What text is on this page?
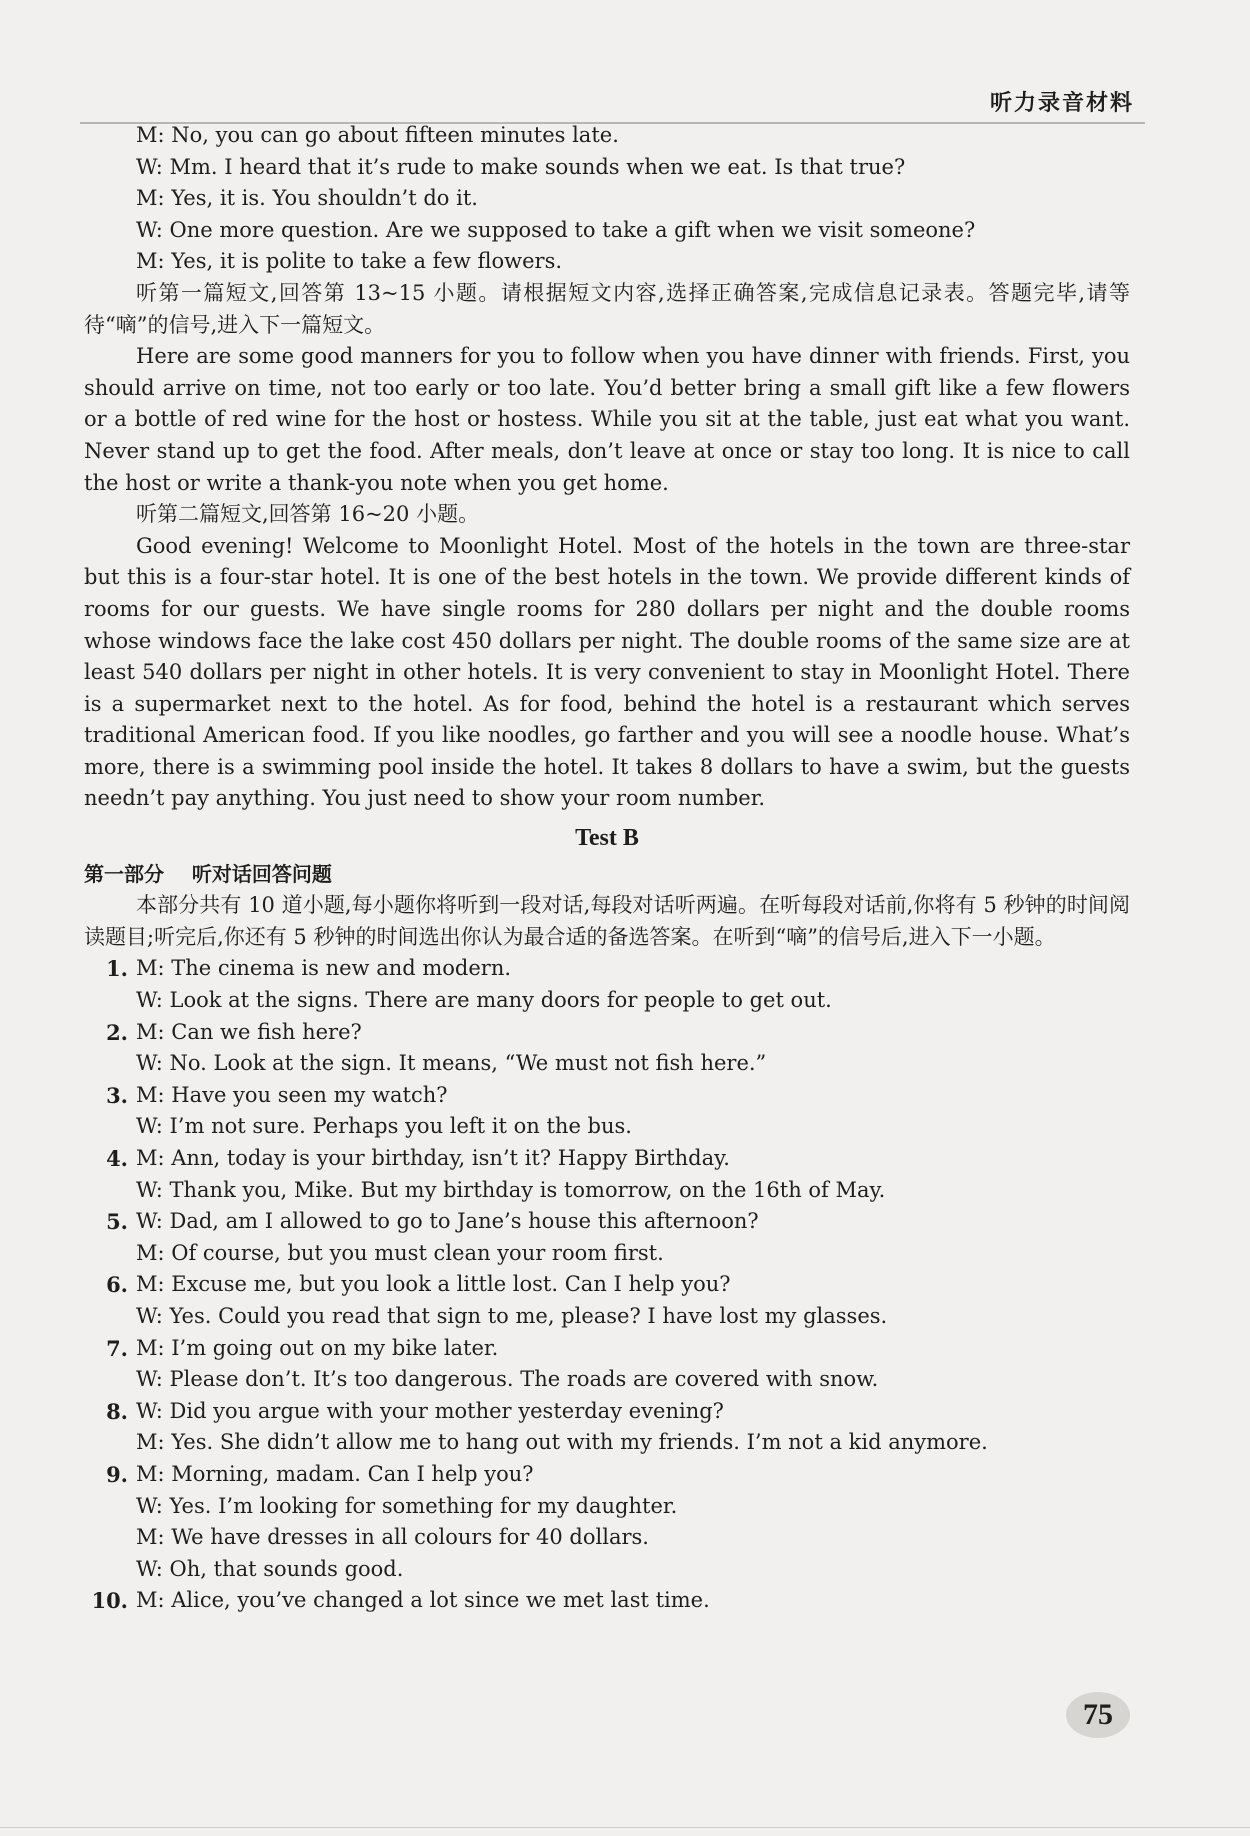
听力录音材料
M: No, you can go about fifteen minutes late.
W: Mm. I heard that it’s rude to make sounds when we eat. Is that true?
M: Yes, it is. You shouldn’t do it.
W: One more question. Are we supposed to take a gift when we visit someone?
M: Yes, it is polite to take a few flowers.
听第一篇短文,回答第 13~15 小题。请根据短文内容,选择正确答案,完成信息记录表。答题完毕,请等待“嘀”的信号,进入下一篇短文。
Here are some good manners for you to follow when you have dinner with friends. First, you should arrive on time, not too early or too late. You’d better bring a small gift like a few flowers or a bottle of red wine for the host or hostess. While you sit at the table, just eat what you want. Never stand up to get the food. After meals, don’t leave at once or stay too long. It is nice to call the host or write a thank-you note when you get home.
听第二篇短文,回答第 16~20 小题。
Good evening! Welcome to Moonlight Hotel. Most of the hotels in the town are three-star but this is a four-star hotel. It is one of the best hotels in the town. We provide different kinds of rooms for our guests. We have single rooms for 280 dollars per night and the double rooms whose windows face the lake cost 450 dollars per night. The double rooms of the same size are at least 540 dollars per night in other hotels. It is very convenient to stay in Moonlight Hotel. There is a supermarket next to the hotel. As for food, behind the hotel is a restaurant which serves traditional American food. If you like noodles, go farther and you will see a noodle house. What’s more, there is a swimming pool inside the hotel. It takes 8 dollars to have a swim, but the guests needn’t pay anything. You just need to show your room number.
Test B
第一部分    听对话回答问题
本部分共有 10 道小题,每小题你将听到一段对话,每段对话听两遍。在听每段对话前,你将有 5 秒钟的时间阅读题目;听完后,你还有 5 秒钟的时间选出你认为最合适的备选答案。在听到“嘀”的信号后,进入下一小题。
1. M: The cinema is new and modern.
W: Look at the signs. There are many doors for people to get out.
2. M: Can we fish here?
W: No. Look at the sign. It means, “We must not fish here.”
3. M: Have you seen my watch?
W: I’m not sure. Perhaps you left it on the bus.
4. M: Ann, today is your birthday, isn’t it? Happy Birthday.
W: Thank you, Mike. But my birthday is tomorrow, on the 16th of May.
5. W: Dad, am I allowed to go to Jane’s house this afternoon?
M: Of course, but you must clean your room first.
6. M: Excuse me, but you look a little lost. Can I help you?
W: Yes. Could you read that sign to me, please? I have lost my glasses.
7. M: I’m going out on my bike later.
W: Please don’t. It’s too dangerous. The roads are covered with snow.
8. W: Did you argue with your mother yesterday evening?
M: Yes. She didn’t allow me to hang out with my friends. I’m not a kid anymore.
9. M: Morning, madam. Can I help you?
W: Yes. I’m looking for something for my daughter.
M: We have dresses in all colours for 40 dollars.
W: Oh, that sounds good.
10. M: Alice, you’ve changed a lot since we met last time.
75
